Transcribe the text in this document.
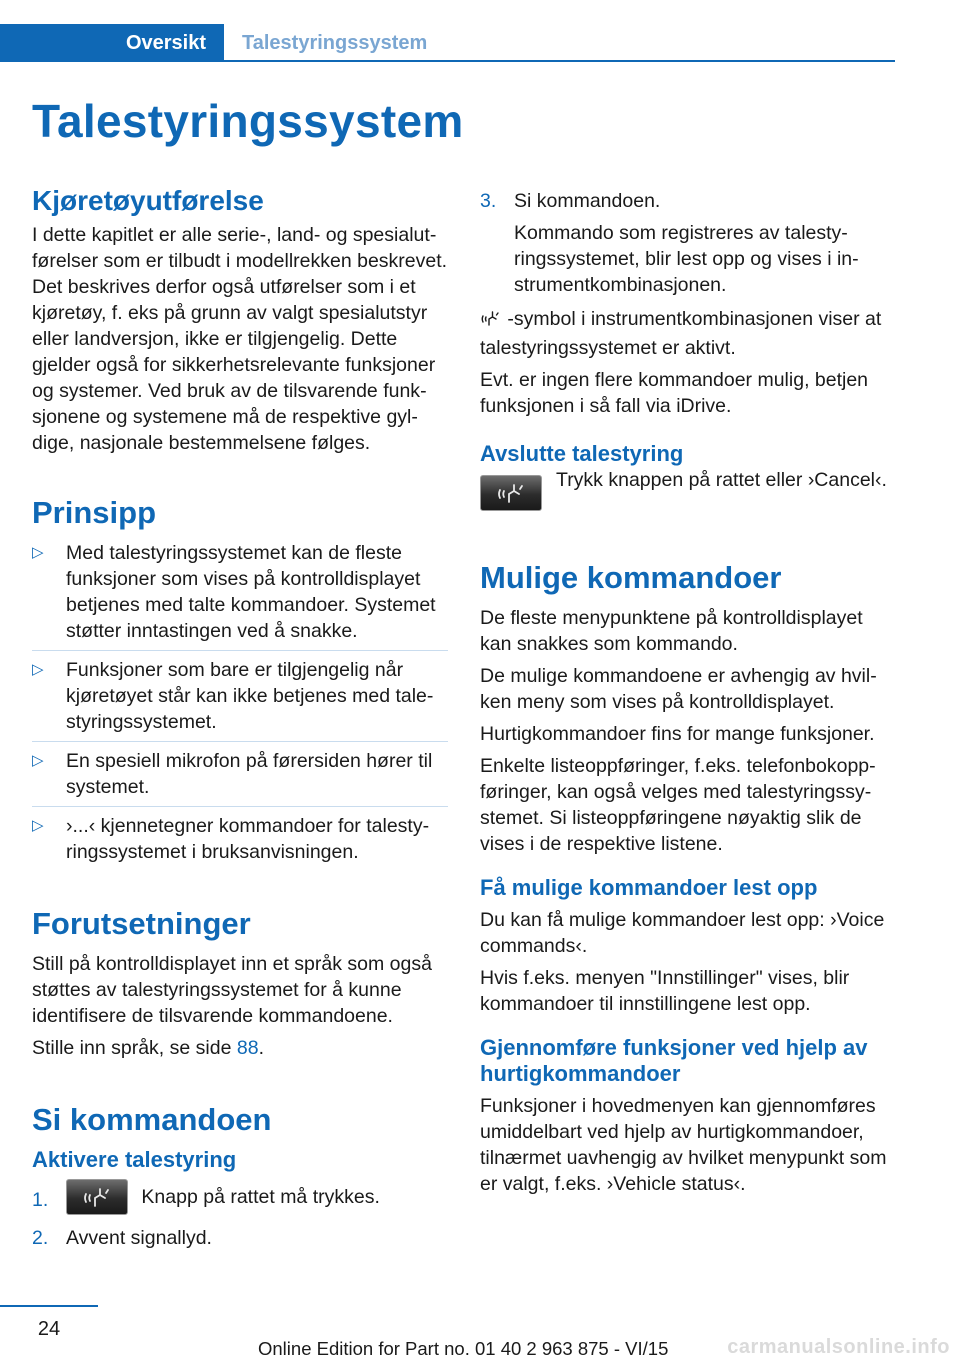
Oversikt	Talestyringssystem
Talestyringssystem
Kjøretøyutførelse

I dette kapitlet er alle serie-, land- og spesialutførelser som er tilbudt i modellrekken beskrevet. Det beskrives derfor også utførelser som i et kjøretøy, f. eks på grunn av valgt spesialutstyr eller landversjon, ikke er tilgjengelig. Dette gjelder også for sikkerhetsrelevante funksjoner og systemer. Ved bruk av de tilsvarende funksjonene og systemene må de respektive gyldige, nasjonale bestemmelsene følges.

Prinsipp
▷ Med talestyringssystemet kan de fleste funksjoner som vises på kontrolldisplayet betjenes med talte kommandoer. Systemet støtter inntastingen ved å snakke.
▷ Funksjoner som bare er tilgjengelig når kjøretøyet står kan ikke betjenes med talestyringssystemet.
▷ En spesiell mikrofon på førersiden hører til systemet.
▷ ›...‹ kjennetegner kommandoer for talestyringssystemet i bruksanvisningen.
Forutsetninger

Still på kontrolldisplayet inn et språk som også støttes av talestyringssystemet for å kunne identifisere de tilsvarende kommandoene.

Stille inn språk, se side 88.

Si kommandoen
Aktivere talestyring
1.	Knapp på rattet må trykkes.
2. Avvent signallyd.
3. Si kommandoen.
Kommando som registreres av talestyringssystemet, blir lest opp og vises i instrumentkombinasjonen.

-symbol i instrumentkombinasjonen viser at talestyringssystemet er aktivt.

Evt. er ingen flere kommandoer mulig, betjen funksjonen i så fall via iDrive.

Avslutte talestyring
Trykk knappen på rattet eller ›Cancel‹.
Mulige kommandoer

De fleste menypunktene på kontrolldisplayet kan snakkes som kommando.

De mulige kommandoene er avhengig av hvilken meny som vises på kontrolldisplayet.

Hurtigkommandoer fins for mange funksjoner.

Enkelte listeoppføringer, f.eks. telefonbokoppføringer, kan også velges med talestyringssystemet. Si listeoppføringene nøyaktig slik de vises i de respektive listene.

Få mulige kommandoer lest opp

Du kan få mulige kommandoer lest opp: ›Voice commands‹.

Hvis f.eks. menyen "Innstillinger" vises, blir kommandoer til innstillingene lest opp.

Gjennomføre funksjoner ved hjelp av hurtigkommandoer

Funksjoner i hovedmenyen kan gjennomføres umiddelbart ved hjelp av hurtigkommandoer, tilnærmet uavhengig av hvilket menypunkt som er valgt, f.eks. ›Vehicle status‹.

24
Online Edition for Part no. 01 40 2 963 875 - VI/15	carmanualsonline.info
